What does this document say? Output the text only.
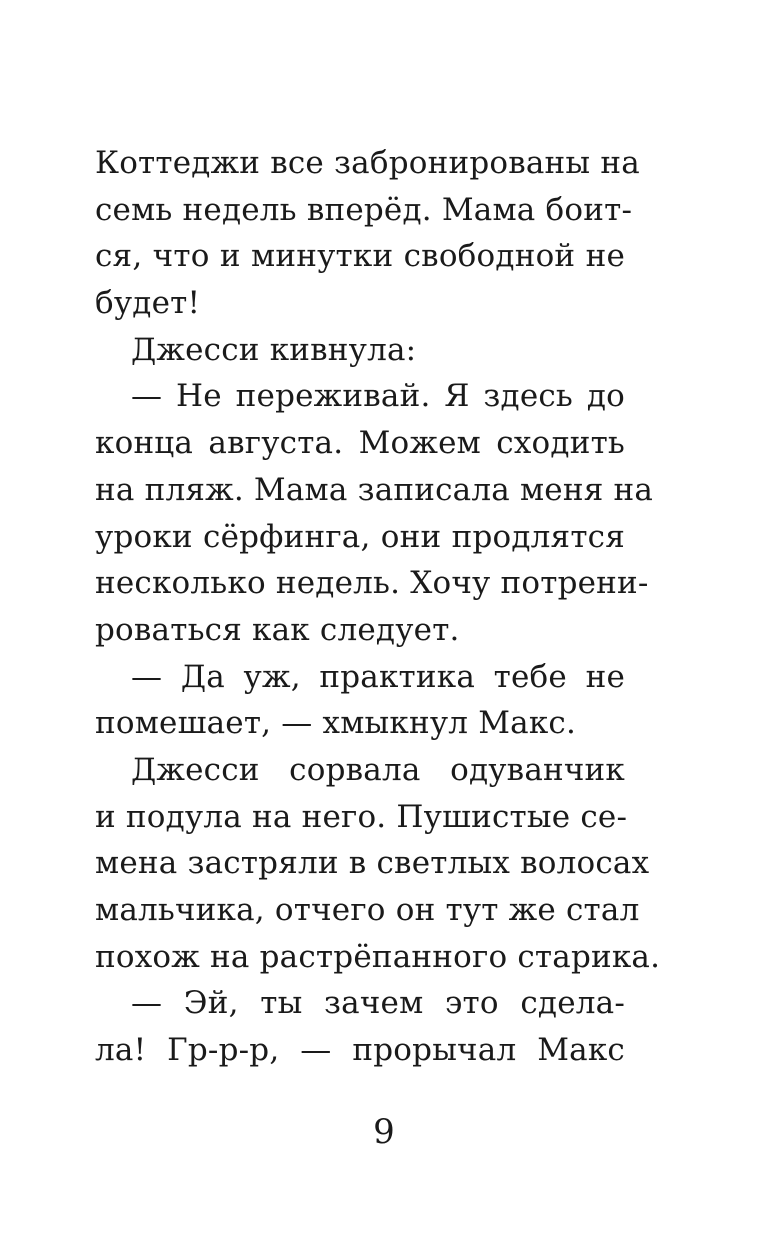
Коттеджи все забронированы на
семь недель вперёд. Мама боит-
ся, что и минутки свободной не
будет!
Джесси кивнула:
— Не переживай. Я здесь до
конца августа. Можем сходить
на пляж. Мама записала меня на
уроки сёрфинга, они продлятся
несколько недель. Хочу потрени-
роваться как следует.
— Да уж, практика тебе не
помешает, — хмыкнул Макс.
Джесси сорвала одуванчик
и подула на него. Пушистые се-
мена застряли в светлых волосах
мальчика, отчего он тут же стал
похож на растрёпанного старика.
— Эй, ты зачем это сдела-
ла! Гр-р-р, — прорычал Макс
9
